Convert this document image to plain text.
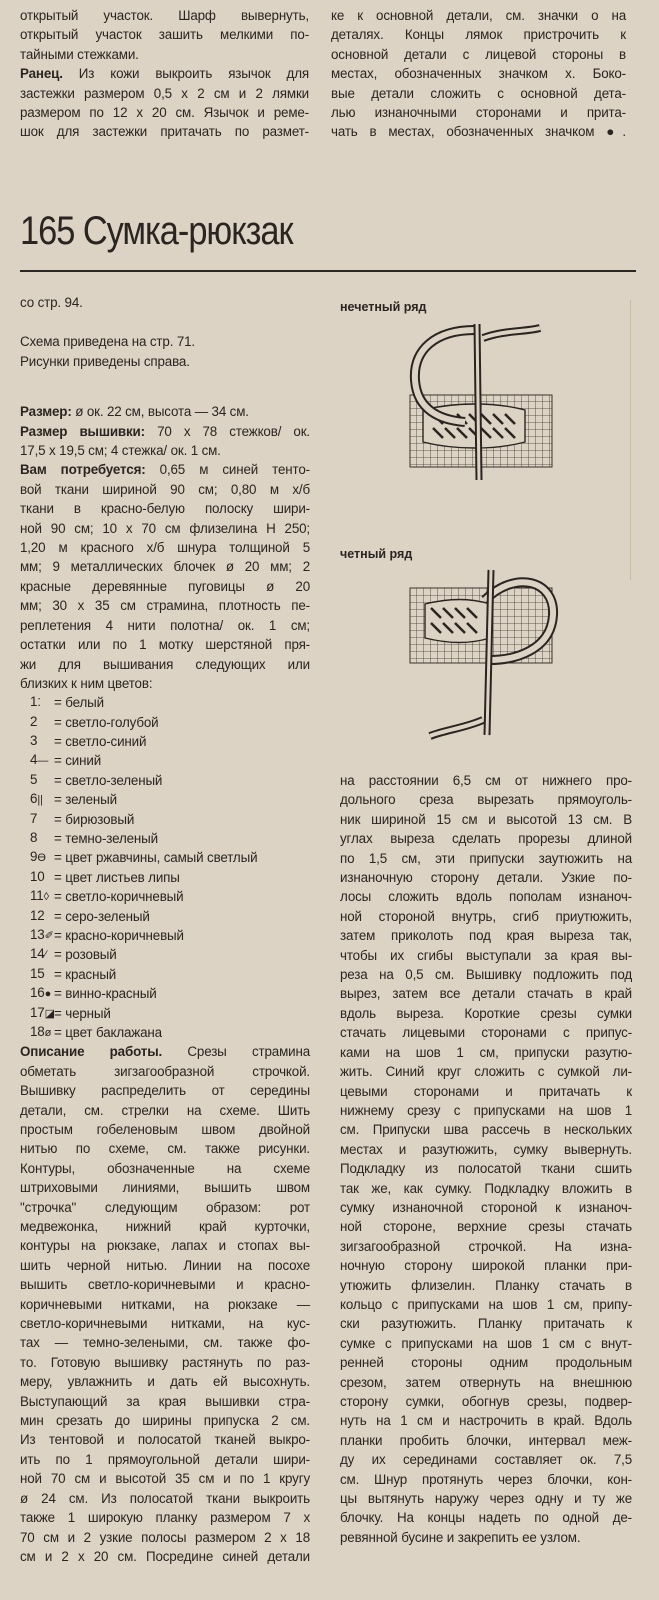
открытый участок. Шарф вывернуть,

открытый участок зашить мелкими по-

тайными стежками.

Ранец. Из кожи выкроить язычок для

застежки размером 0,5 х 2 см и 2 лямки

размером по 12 х 20 см. Язычок и реме-

шок для застежки притачать по размет-

ке к основной детали, см. значки о на

деталях. Концы лямок пристрочить к

основной детали с лицевой стороны в

местах, обозначенных значком х. Боко-

вые детали сложить с основной дета-

лью изнаночными сторонами и прита-

чать в местах, обозначенных значком ●.

165 Сумка-рюкзак

со стр. 94.

Схема приведена на стр. 71.

Рисунки приведены справа.

Размер: ø ок. 22 см, высота — 34 см.

Размер вышивки: 70 х 78 стежков/ ок.

17,5 х 19,5 см; 4 стежка/ ок. 1 см.

Вам потребуется: 0,65 м синей тенто-

вой ткани шириной 90 см; 0,80 м х/б

ткани в красно-белую полоску шири-

ной 90 см; 10 х 70 см флизелина Н 250;

1,20 м красного х/б шнура толщиной 5

мм; 9 металлических блочек ø 20 мм; 2

красные деревянные пуговицы ø 20

мм; 30 х 35 см страмина, плотность пе-

реплетения 4 нити полотна/ ок. 1 см;

остатки или по 1 мотку шерстяной пря-

жи для вышивания следующих или

близких к ним цветов:

1⁚ = белый
2	= светло-голубой
3	= светло-синий
4— = синий
5	= светло-зеленый
6|| = зеленый
7	= бирюзовый
8	= темно-зеленый
9Ɵ = цвет ржавчины, самый светлый
10 = цвет листьев липы
11◊ = светло-коричневый
12 = серо-зеленый
13✐ = красно-коричневый
14∕ = розовый
15 = красный
16● = винно-красный
17◪ = черный
18ø = цвет баклажана

Описание работы. Срезы страмина

обметать зигзагообразной строчкой.

Вышивку распределить от середины

детали, см. стрелки на схеме. Шить

простым гобеленовым швом двойной

нитью по схеме, см. также рисунки.

Контуры, обозначенные на схеме

штриховыми линиями, вышить швом

"строчка" следующим образом: рот

медвежонка, нижний край курточки,

контуры на рюкзаке, лапах и стопах вы-

шить черной нитью. Линии на посохе

вышить светло-коричневыми и красно-

коричневыми нитками, на рюкзаке —

светло-коричневыми нитками, на кус-

тах — темно-зелеными, см. также фо-

то. Готовую вышивку растянуть по раз-

меру, увлажнить и дать ей высохнуть.

Выступающий за края вышивки стра-

мин срезать до ширины припуска 2 см.

Из тентовой и полосатой тканей выкро-

ить по 1 прямоугольной детали шири-

ной 70 см и высотой 35 см и по 1 кругу

ø 24 см. Из полосатой ткани выкроить

также 1 широкую планку размером 7 х

70 см и 2 узкие полосы размером 2 х 18

см и 2 х 20 см. Посредине синей детали

нечетный ряд
четный ряд

на расстоянии 6,5 см от нижнего про-

дольного среза вырезать прямоуголь-

ник шириной 15 см и высотой 13 см. В

углах выреза сделать прорезы длиной

по 1,5 см, эти припуски заутюжить на

изнаночную сторону детали. Узкие по-

лосы сложить вдоль пополам изнаноч-

ной стороной внутрь, сгиб приутюжить,

затем приколоть под края выреза так,

чтобы их сгибы выступали за края вы-

реза на 0,5 см. Вышивку подложить под

вырез, затем все детали стачать в край

вдоль выреза. Короткие срезы сумки

стачать лицевыми сторонами с припус-

ками на шов 1 см, припуски разутю-

жить. Синий круг сложить с сумкой ли-

цевыми сторонами и притачать к

нижнему срезу с припусками на шов 1

см. Припуски шва рассечь в нескольких

местах и разутюжить, сумку вывернуть.

Подкладку из полосатой ткани сшить

так же, как сумку. Подкладку вложить в

сумку изнаночной стороной к изнаноч-

ной стороне, верхние срезы стачать

зигзагообразной строчкой. На изна-

ночную сторону широкой планки при-

утюжить флизелин. Планку стачать в

кольцо с припусками на шов 1 см, припу-

ски разутюжить. Планку притачать к

сумке с припусками на шов 1 см с внут-

ренней стороны одним продольным

срезом, затем отвернуть на внешнюю

сторону сумки, обогнув срезы, подвер-

нуть на 1 см и настрочить в край. Вдоль

планки пробить блочки, интервал меж-

ду их серединами составляет ок. 7,5

см. Шнур протянуть через блочки, кон-

цы вытянуть наружу через одну и ту же

блочку. На концы надеть по одной де-

ревянной бусине и закрепить ее узлом.
